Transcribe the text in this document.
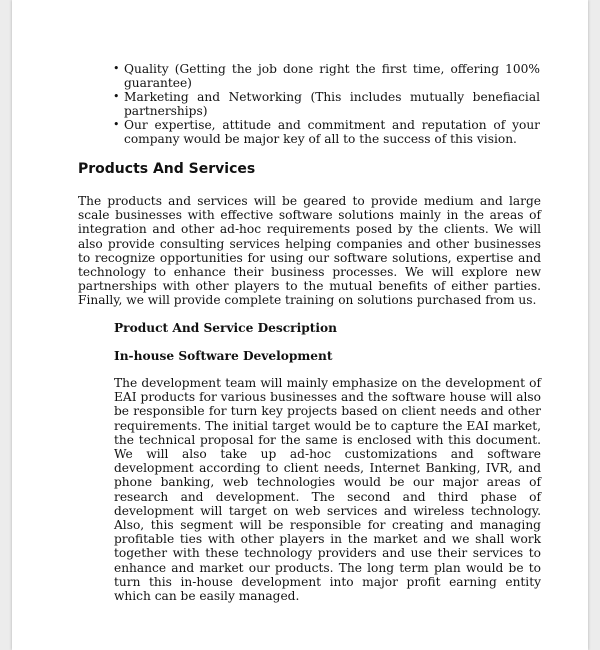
• Quality (Getting the job done right the first time, offering 100% guarantee)
• Marketing and Networking (This includes mutually benefiacial partnerships)
• Our expertise, attitude and commitment and reputation of your company would be major key of all to the success of this vision.
Products And Services

The products and services will be geared to provide medium and large scale businesses with effective software solutions mainly in the areas of integration and other ad-hoc requirements posed by the clients. We will also provide consulting services helping companies and other businesses to recognize opportunities for using our software solutions, expertise and technology to enhance their business processes. We will explore new partnerships with other players to the mutual benefits of either parties. Finally, we will provide complete training on solutions purchased from us.

Product And Service Description
In-house Software Development

The development team will mainly emphasize on the development of EAI products for various businesses and the software house will also be responsible for turn key projects based on client needs and other requirements. The initial target would be to capture the EAI market, the technical proposal for the same is enclosed with this document. We will also take up ad-hoc customizations and software development according to client needs, Internet Banking, IVR, and phone banking, web technologies would be our major areas of research and development. The second and third phase of development will target on web services and wireless technology. Also, this segment will be responsible for creating and managing profitable ties with other players in the market and we shall work together with these technology providers and use their services to enhance and market our products. The long term plan would be to turn this in-house development into major profit earning entity which can be easily managed.
